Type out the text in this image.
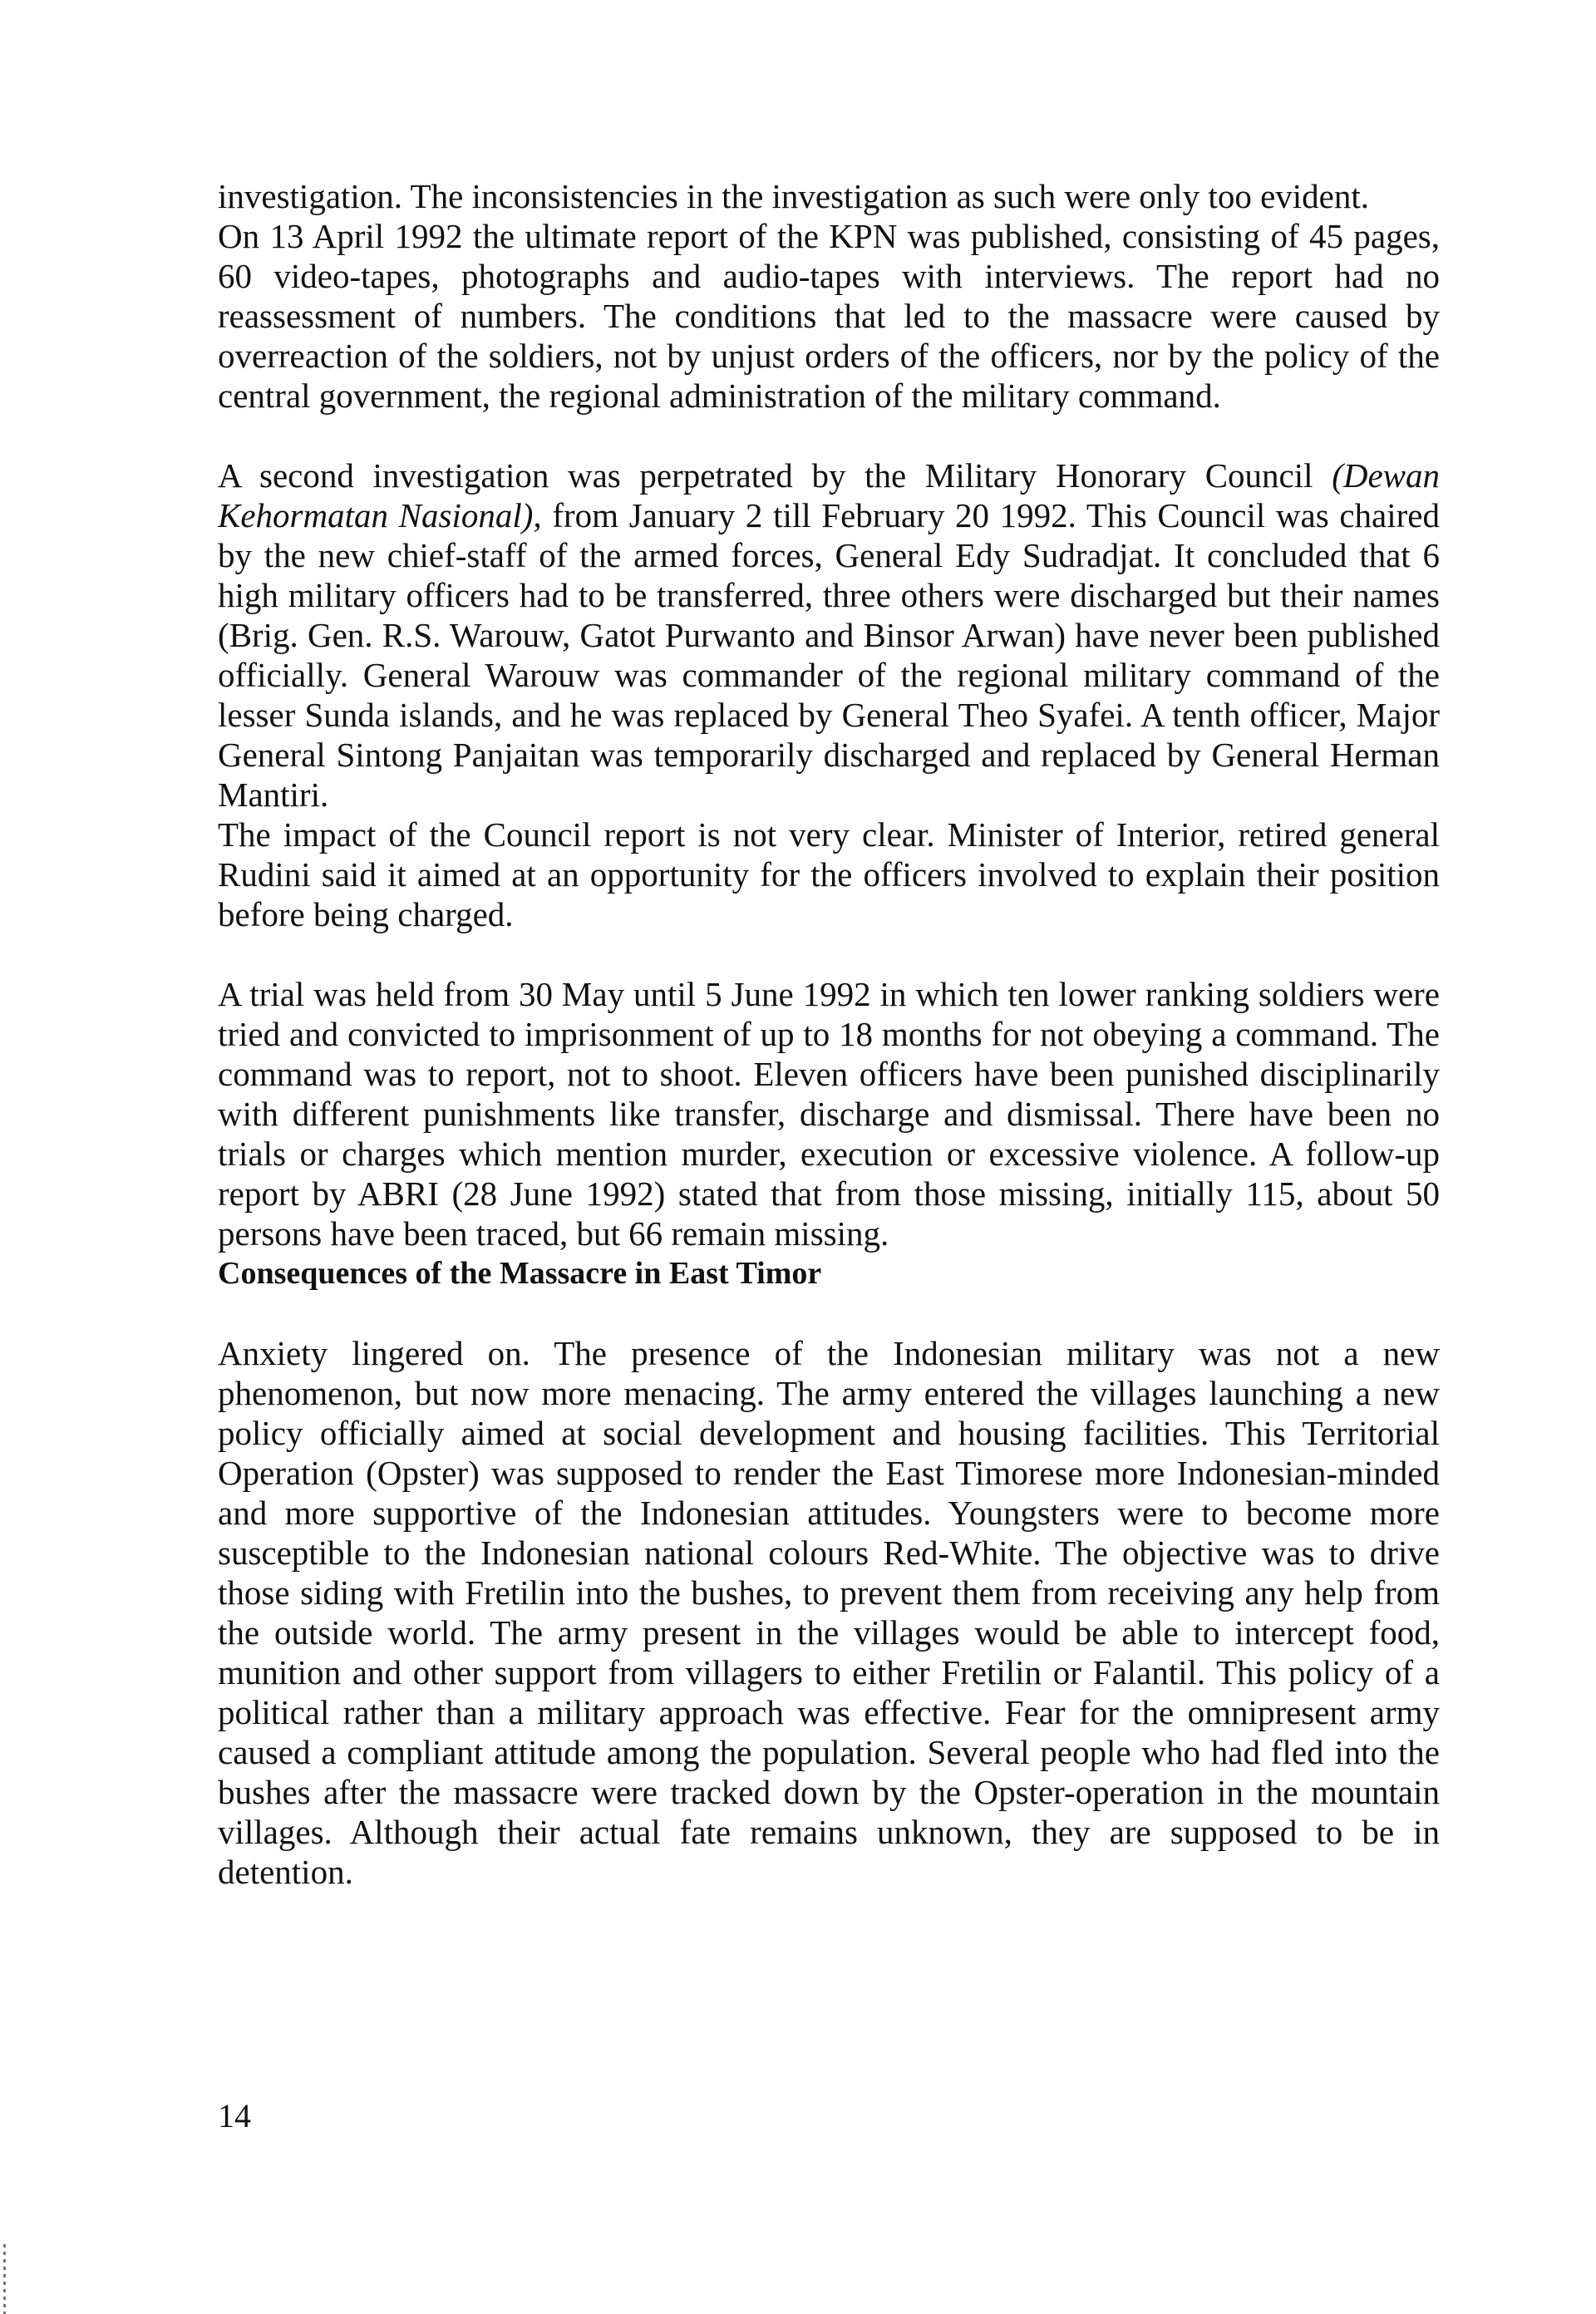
investigation. The inconsistencies in the investigation as such were only too evident.

On 13 April 1992 the ultimate report of the KPN was published, consisting of 45 pages, 60 video-tapes, photographs and audio-tapes with interviews. The report had no reassessment of numbers. The conditions that led to the massacre were caused by overreaction of the soldiers, not by unjust orders of the officers, nor by the policy of the central government, the regional administration of the military command.

A second investigation was perpetrated by the Military Honorary Council (Dewan Kehormatan Nasional), from January 2 till February 20 1992. This Council was chaired by the new chief-staff of the armed forces, General Edy Sudradjat. It concluded that 6 high military officers had to be transferred, three others were discharged but their names (Brig. Gen. R.S. Warouw, Gatot Purwanto and Binsor Arwan) have never been published officially. General Warouw was commander of the regional military command of the lesser Sunda islands, and he was replaced by General Theo Syafei. A tenth officer, Major General Sintong Panjaitan was temporarily discharged and replaced by General Herman Mantiri.

The impact of the Council report is not very clear. Minister of Interior, retired general Rudini said it aimed at an opportunity for the officers involved to explain their position before being charged.

A trial was held from 30 May until 5 June 1992 in which ten lower ranking soldiers were tried and convicted to imprisonment of up to 18 months for not obeying a command. The command was to report, not to shoot. Eleven officers have been punished disciplinarily with different punishments like transfer, discharge and dismissal. There have been no trials or charges which mention murder, execution or excessive violence. A follow-up report by ABRI (28 June 1992) stated that from those missing, initially 115, about 50 persons have been traced, but 66 remain missing.

Consequences of the Massacre in East Timor

Anxiety lingered on. The presence of the Indonesian military was not a new phenomenon, but now more menacing. The army entered the villages launching a new policy officially aimed at social development and housing facilities. This Territorial Operation (Opster) was supposed to render the East Timorese more Indonesian-minded and more supportive of the Indonesian attitudes. Youngsters were to become more susceptible to the Indonesian national colours Red-White. The objective was to drive those siding with Fretilin into the bushes, to prevent them from receiving any help from the outside world. The army present in the villages would be able to intercept food, munition and other support from villagers to either Fretilin or Falantil. This policy of a political rather than a military approach was effective. Fear for the omnipresent army caused a compliant attitude among the population. Several people who had fled into the bushes after the massacre were tracked down by the Opster-operation in the mountain villages. Although their actual fate remains unknown, they are supposed to be in detention.

14
